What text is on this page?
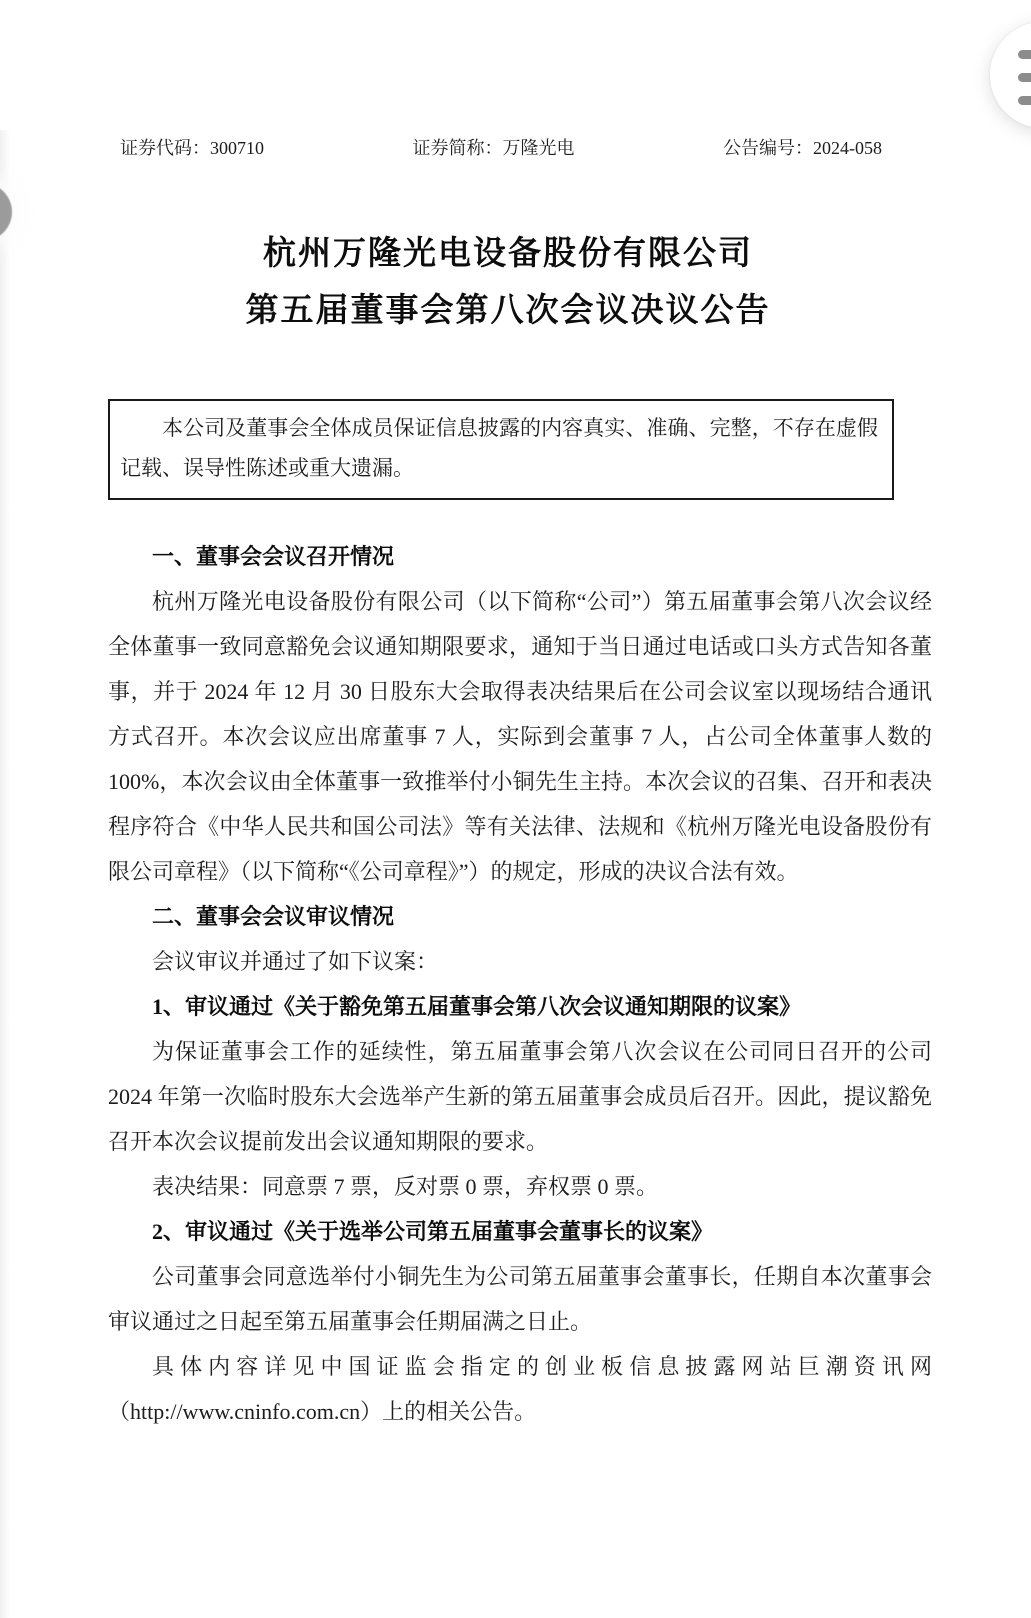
证券代码：300710	证券简称：万隆光电	公告编号：2024-058
杭州万隆光电设备股份有限公司
第五届董事会第八次会议决议公告

本公司及董事会全体成员保证信息披露的内容真实、准确、完整，不存在虚假记载、误导性陈述或重大遗漏。

一、董事会会议召开情况

杭州万隆光电设备股份有限公司（以下简称“公司”）第五届董事会第八次会议经全体董事一致同意豁免会议通知期限要求，通知于当日通过电话或口头方式告知各董事，并于 2024 年 12 月 30 日股东大会取得表决结果后在公司会议室以现场结合通讯方式召开。本次会议应出席董事 7 人，实际到会董事 7 人，占公司全体董事人数的 100%，本次会议由全体董事一致推举付小铜先生主持。本次会议的召集、召开和表决程序符合《中华人民共和国公司法》等有关法律、法规和《杭州万隆光电设备股份有限公司章程》（以下简称“《公司章程》”）的规定，形成的决议合法有效。

二、董事会会议审议情况

会议审议并通过了如下议案：

1、审议通过《关于豁免第五届董事会第八次会议通知期限的议案》

为保证董事会工作的延续性，第五届董事会第八次会议在公司同日召开的公司 2024 年第一次临时股东大会选举产生新的第五届董事会成员后召开。因此，提议豁免召开本次会议提前发出会议通知期限的要求。

表决结果：同意票 7 票，反对票 0 票，弃权票 0 票。

2、审议通过《关于选举公司第五届董事会董事长的议案》

公司董事会同意选举付小铜先生为公司第五届董事会董事长，任期自本次董事会审议通过之日起至第五届董事会任期届满之日止。

具体内容详见中国证监会指定的创业板信息披露网站巨潮资讯网（http://www.cninfo.com.cn）上的相关公告。
